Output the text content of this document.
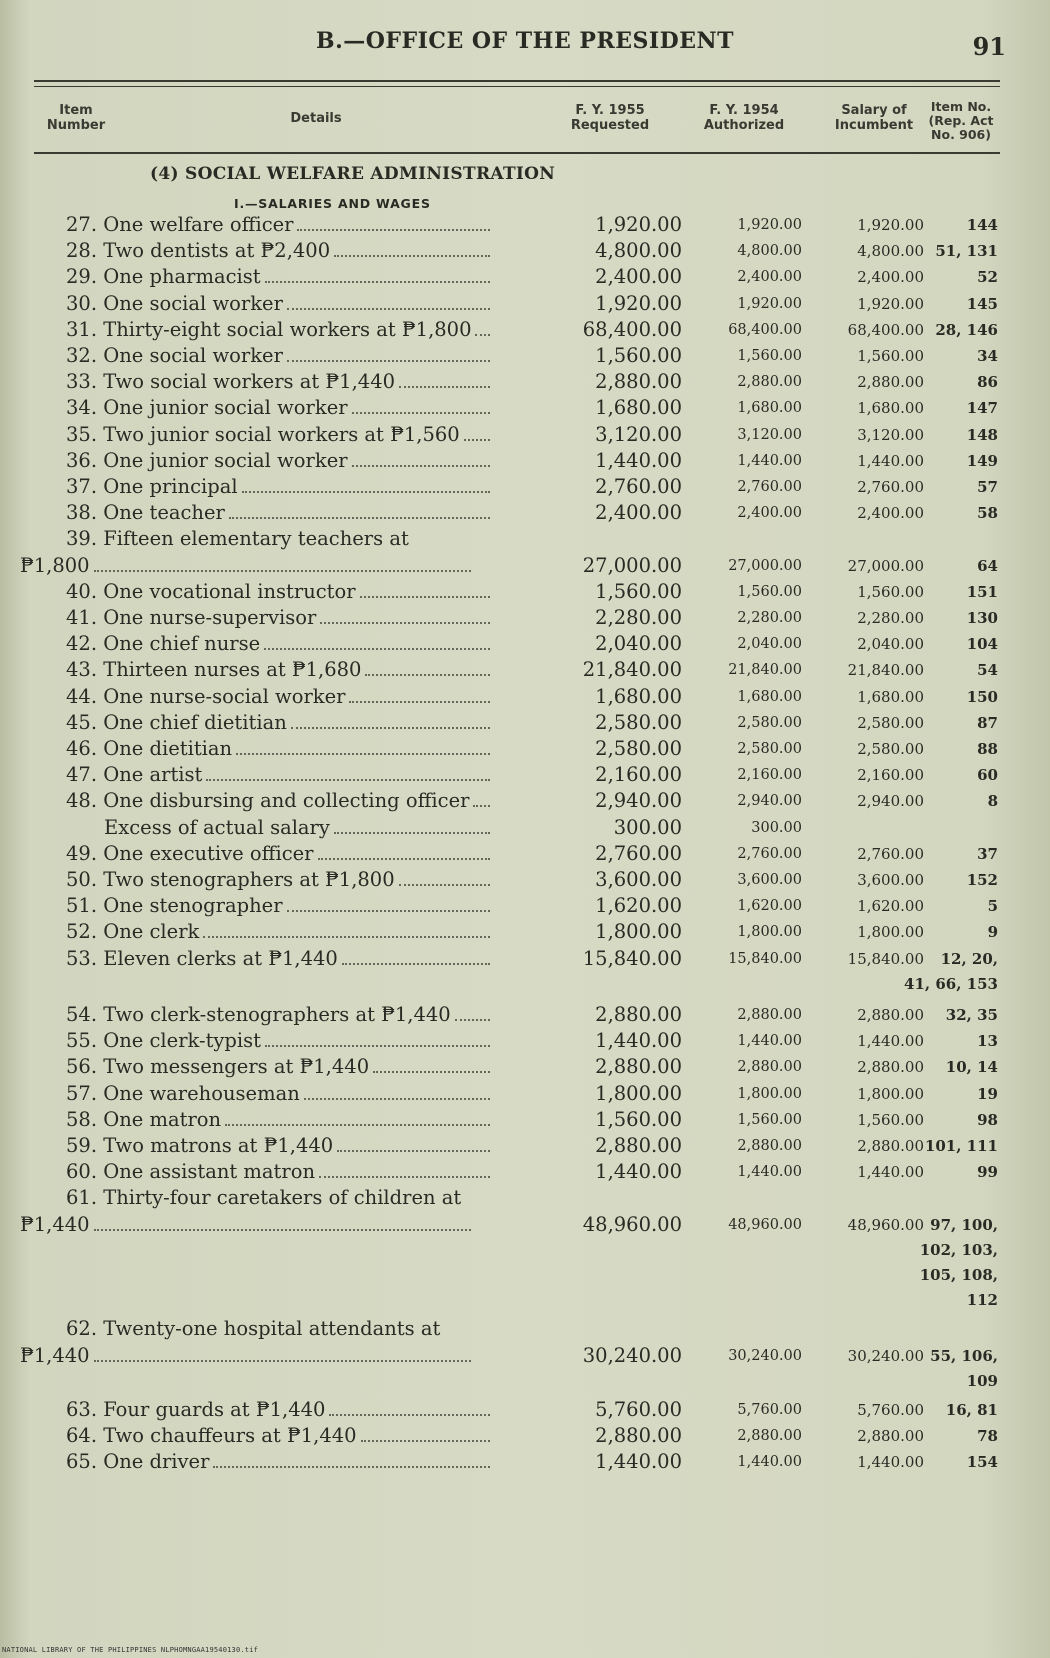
B.—OFFICE OF THE PRESIDENT	91
Item Number	Details
F. Y. 1955 Requested
F. Y. 1954 Authorized
Salary of Incumbent
Item No. (Rep. Act No. 906)
(4) SOCIAL WELFARE ADMINISTRATION
I.—SALARIES AND WAGES
27. One welfare officer	1,920.00	1,920.00	1,920.00	144
28. Two dentists at ₱2,400	4,800.00	4,800.00	4,800.00 51, 131
29. One pharmacist	2,400.00	2,400.00	2,400.00	52
30. One social worker	1,920.00	1,920.00	1,920.00	145
31. Thirty-eight social workers at ₱1,800	68,400.00	68,400.00	68,400.00 28, 146
32. One social worker	1,560.00	1,560.00	1,560.00	34
33. Two social workers at ₱1,440	2,880.00	2,880.00	2,880.00	86
34. One junior social worker	1,680.00	1,680.00	1,680.00	147
35. Two junior social workers at ₱1,560	3,120.00	3,120.00	3,120.00	148
36. One junior social worker	1,440.00	1,440.00	1,440.00	149
37. One principal	2,760.00	2,760.00	2,760.00	57
38. One teacher	2,400.00	2,400.00	2,400.00	58
39. Fifteen elementary teachers at
₱1,800	27,000.00	27,000.00	27,000.00	64
40. One vocational instructor	1,560.00	1,560.00	1,560.00	151
41. One nurse-supervisor	2,280.00	2,280.00	2,280.00	130
42. One chief nurse	2,040.00	2,040.00	2,040.00	104
43. Thirteen nurses at ₱1,680	21,840.00	21,840.00	21,840.00	54
44. One nurse-social worker	1,680.00	1,680.00	1,680.00	150
45. One chief dietitian	2,580.00	2,580.00	2,580.00	87
46. One dietitian	2,580.00	2,580.00	2,580.00	88
47. One artist	2,160.00	2,160.00	2,160.00	60
48. One disbursing and collecting officer	2,940.00	2,940.00	2,940.00	8
Excess of actual salary	300.00	300.00
49. One executive officer	2,760.00	2,760.00	2,760.00	37
50. Two stenographers at ₱1,800	3,600.00	3,600.00	3,600.00	152
51. One stenographer	1,620.00	1,620.00	1,620.00	5
52. One clerk	1,800.00	1,800.00	1,800.00	9
53. Eleven clerks at ₱1,440	15,840.00	15,840.00	15,840.00	12, 20,
41, 66, 153
54. Two clerk-stenographers at ₱1,440	2,880.00	2,880.00	2,880.00	32, 35
55. One clerk-typist	1,440.00	1,440.00	1,440.00	13
56. Two messengers at ₱1,440	2,880.00	2,880.00	2,880.00	10, 14
57. One warehouseman	1,800.00	1,800.00	1,800.00	19
58. One matron	1,560.00	1,560.00	1,560.00	98
59. Two matrons at ₱1,440	2,880.00	2,880.00	2,880.00 101, 111
60. One assistant matron	1,440.00	1,440.00	1,440.00	99
61. Thirty-four caretakers of children at
₱1,440	48,960.00	48,960.00	48,960.00 97, 100,
102, 103,
105, 108,
112
62. Twenty-one hospital attendants at
₱1,440	30,240.00	30,240.00	30,240.00 55, 106,
109
63. Four guards at ₱1,440	5,760.00	5,760.00	5,760.00	16, 81
64. Two chauffeurs at ₱1,440	2,880.00	2,880.00	2,880.00	78
65. One driver	1,440.00	1,440.00	1,440.00	154
NATIONAL LIBRARY OF THE PHILIPPINES NLPHOMNGAA19540130.tif
